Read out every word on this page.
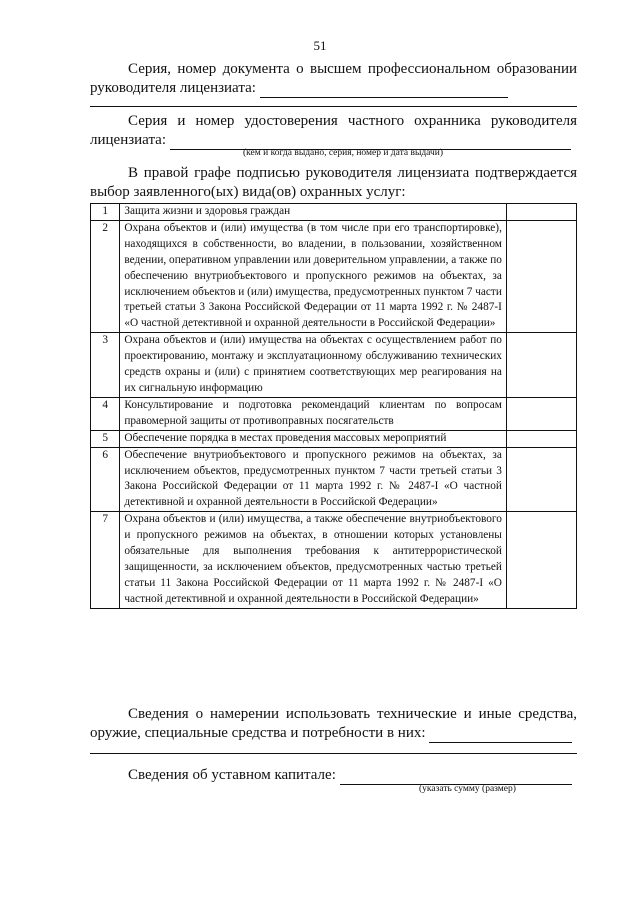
51
Серия, номер документа о высшем профессиональном образовании
руководителя лицензиата:
Серия и номер удостоверения частного охранника руководителя
лицензиата:
(кем и когда выдано, серия, номер и дата выдачи)
В правой графе подписью руководителя лицензиата подтверждается
выбор заявленного(ых) вида(ов) охранных услуг:
1	Защита жизни и здоровья граждан	

2	Охрана объектов и (или) имущества (в том числе при его транспортировке), находящихся в собственности, во владении, в пользовании, хозяйственном ведении, оперативном управлении или доверительном управлении, а также по обеспечению внутриобъектового и пропускного режимов на объектах, за исключением объектов и (или) имущества, предусмотренных пунктом 7 части третьей статьи 3 Закона Российской Федерации от 11 марта 1992 г. № 2487-I «О частной детективной и охранной деятельности в Российской Федерации»	

3	Охрана объектов и (или) имущества на объектах с осуществлением работ по проектированию, монтажу и эксплуатационному обслуживанию технических средств охраны и (или) с принятием соответствующих мер реагирования на их сигнальную информацию	

4	Консультирование и подготовка рекомендаций клиентам по вопросам правомерной защиты от противоправных посягательств	

5	Обеспечение порядка в местах проведения массовых мероприятий	

6	Обеспечение внутриобъектового и пропускного режимов на объектах, за исключением объектов, предусмотренных пунктом 7 части третьей статьи 3 Закона Российской Федерации от 11 марта 1992 г. № 2487-I «О частной детективной и охранной деятельности в Российской Федерации»	

7	Охрана объектов и (или) имущества, а также обеспечение внутриобъектового и пропускного режимов на объектах, в отношении которых установлены обязательные для выполнения требования к антитеррористической защищенности, за исключением объектов, предусмотренных частью третьей статьи 11 Закона Российской Федерации от 11 марта 1992 г. № 2487-I «О частной детективной и охранной деятельности в Российской Федерации»	

Сведения о намерении использовать технические и иные средства,
оружие, специальные средства и потребности в них:
Сведения об уставном капитале:
(указать сумму (размер)
